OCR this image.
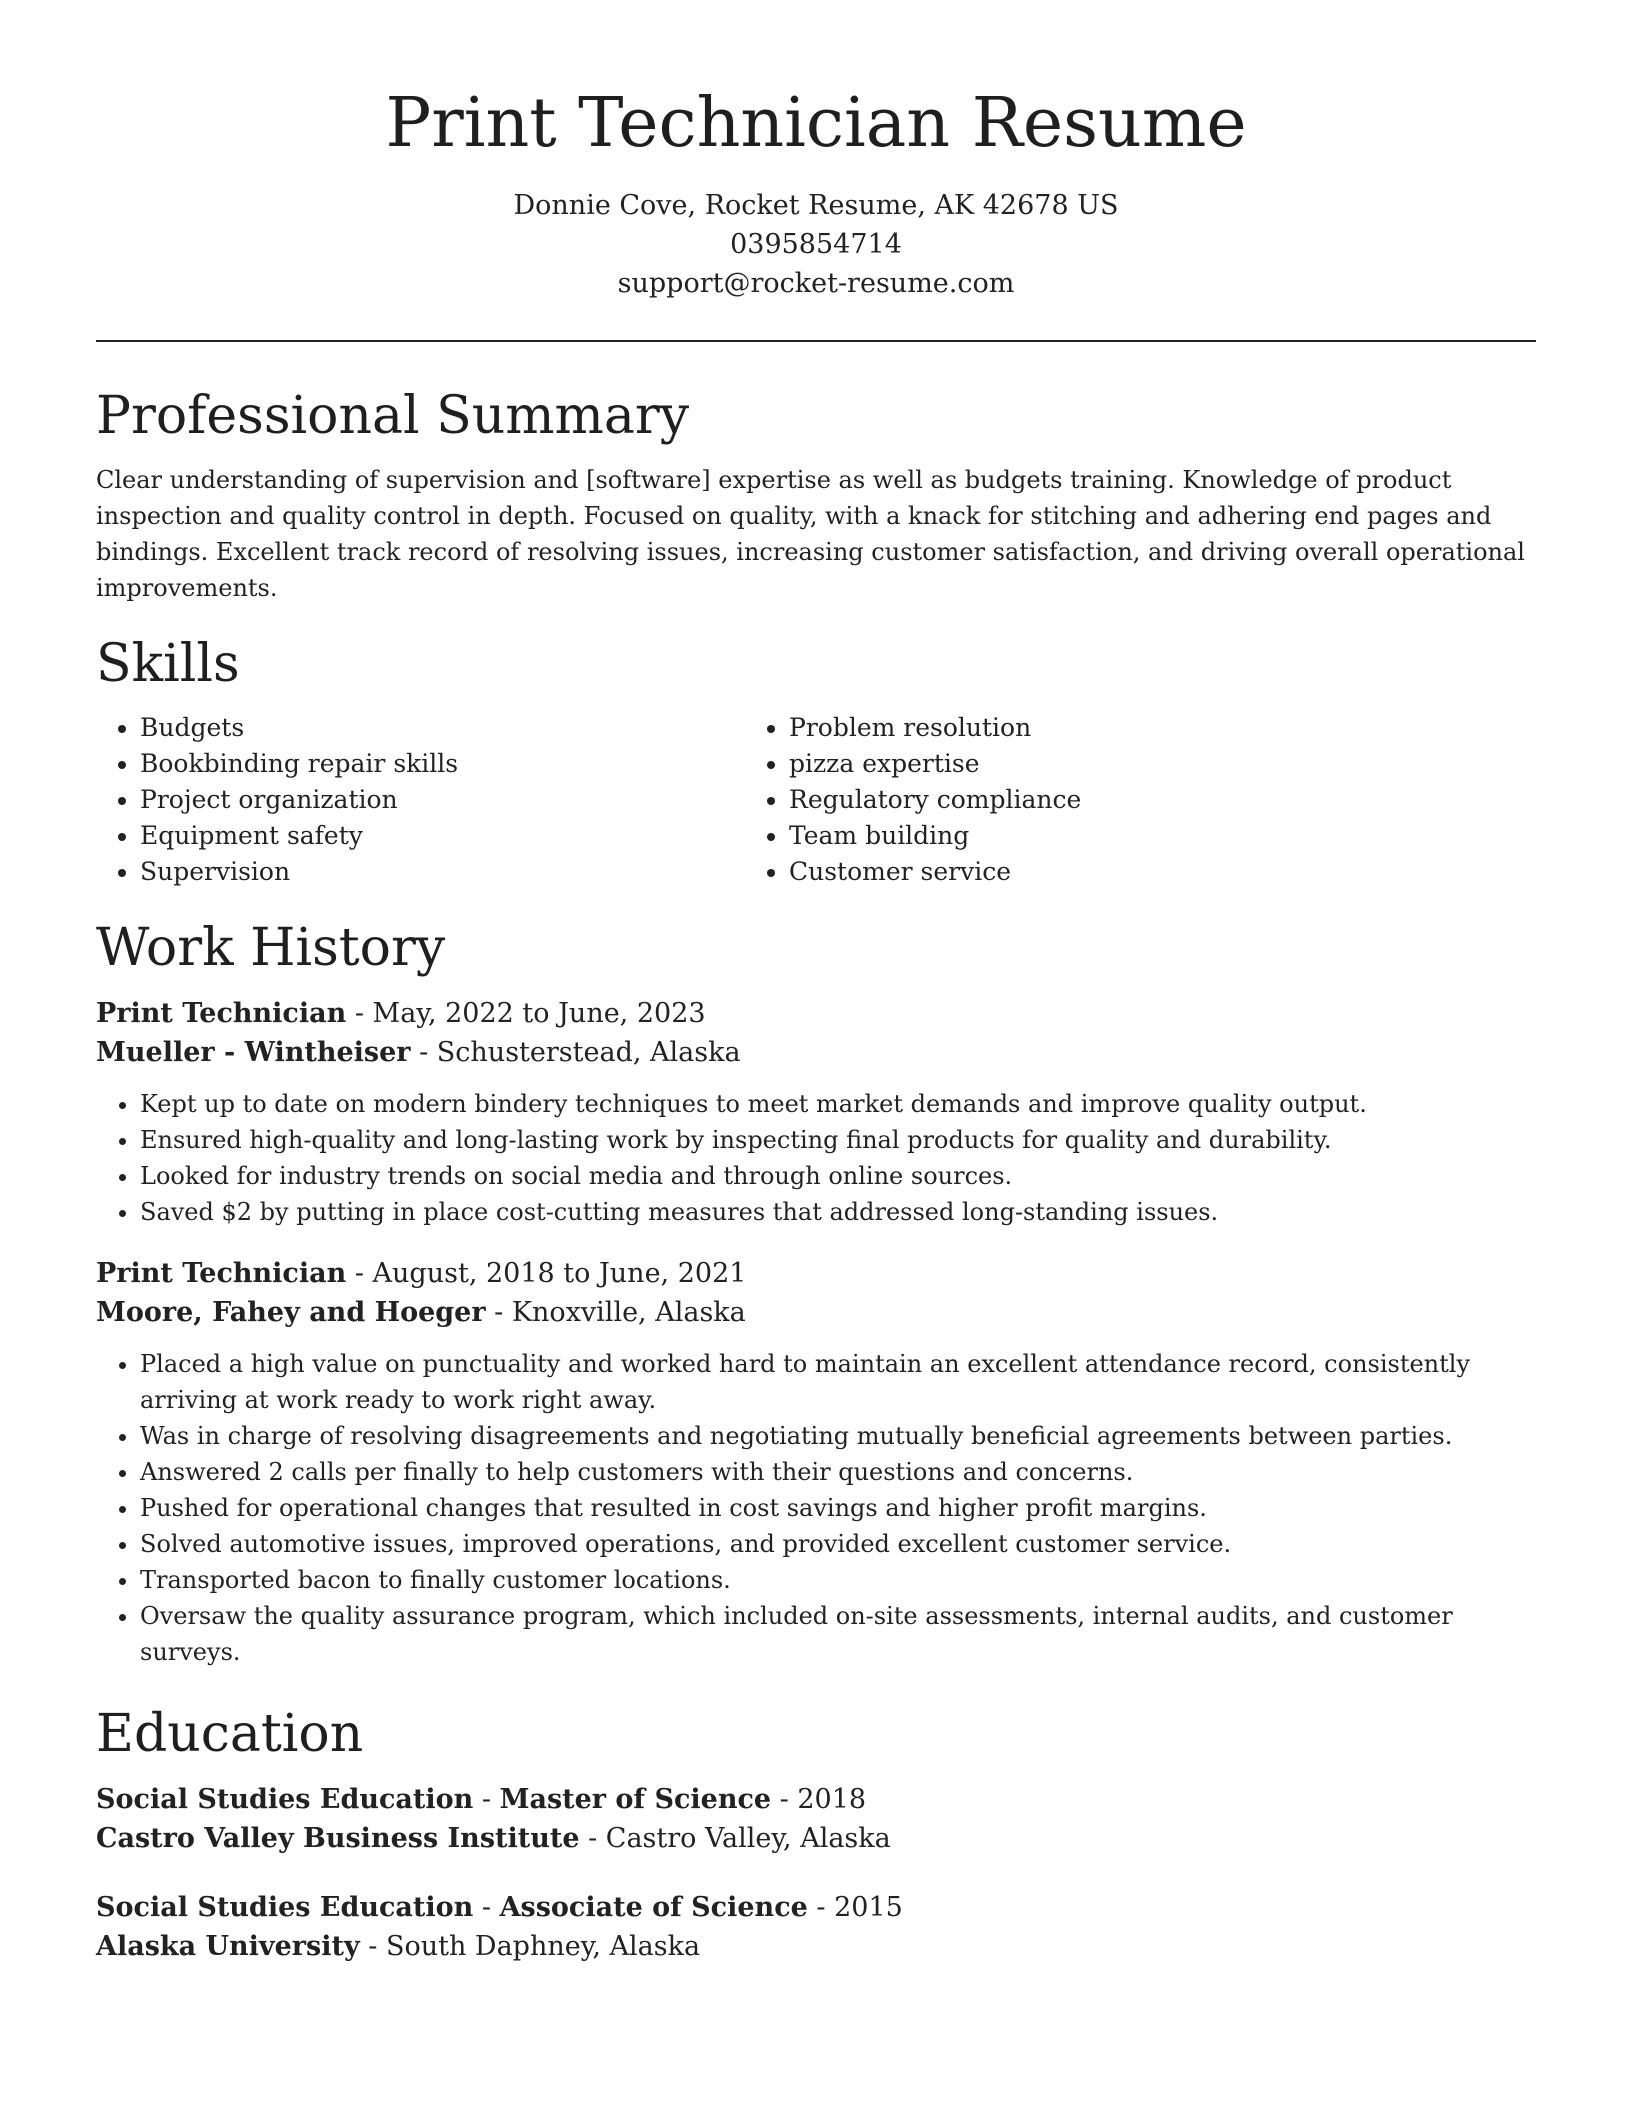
Print Technician Resume
Donnie Cove, Rocket Resume, AK 42678 US
0395854714
support@rocket-resume.com
Professional Summary
Clear understanding of supervision and [software] expertise as well as budgets training. Knowledge of product inspection and quality control in depth. Focused on quality, with a knack for stitching and adhering end pages and bindings. Excellent track record of resolving issues, increasing customer satisfaction, and driving overall operational improvements.
Skills
• Budgets
• Bookbinding repair skills
• Project organization
• Equipment safety
• Supervision
• Problem resolution
• pizza expertise
• Regulatory compliance
• Team building
• Customer service
Work History
Print Technician - May, 2022 to June, 2023
Mueller - Wintheiser - Schusterstead, Alaska
• Kept up to date on modern bindery techniques to meet market demands and improve quality output.
• Ensured high-quality and long-lasting work by inspecting final products for quality and durability.
• Looked for industry trends on social media and through online sources.
• Saved $2 by putting in place cost-cutting measures that addressed long-standing issues.
Print Technician - August, 2018 to June, 2021
Moore, Fahey and Hoeger - Knoxville, Alaska
• Placed a high value on punctuality and worked hard to maintain an excellent attendance record, consistently arriving at work ready to work right away.
• Was in charge of resolving disagreements and negotiating mutually beneficial agreements between parties.
• Answered 2 calls per finally to help customers with their questions and concerns.
• Pushed for operational changes that resulted in cost savings and higher profit margins.
• Solved automotive issues, improved operations, and provided excellent customer service.
• Transported bacon to finally customer locations.
• Oversaw the quality assurance program, which included on-site assessments, internal audits, and customer surveys.
Education
Social Studies Education - Master of Science - 2018
Castro Valley Business Institute - Castro Valley, Alaska
Social Studies Education - Associate of Science - 2015
Alaska University - South Daphney, Alaska
